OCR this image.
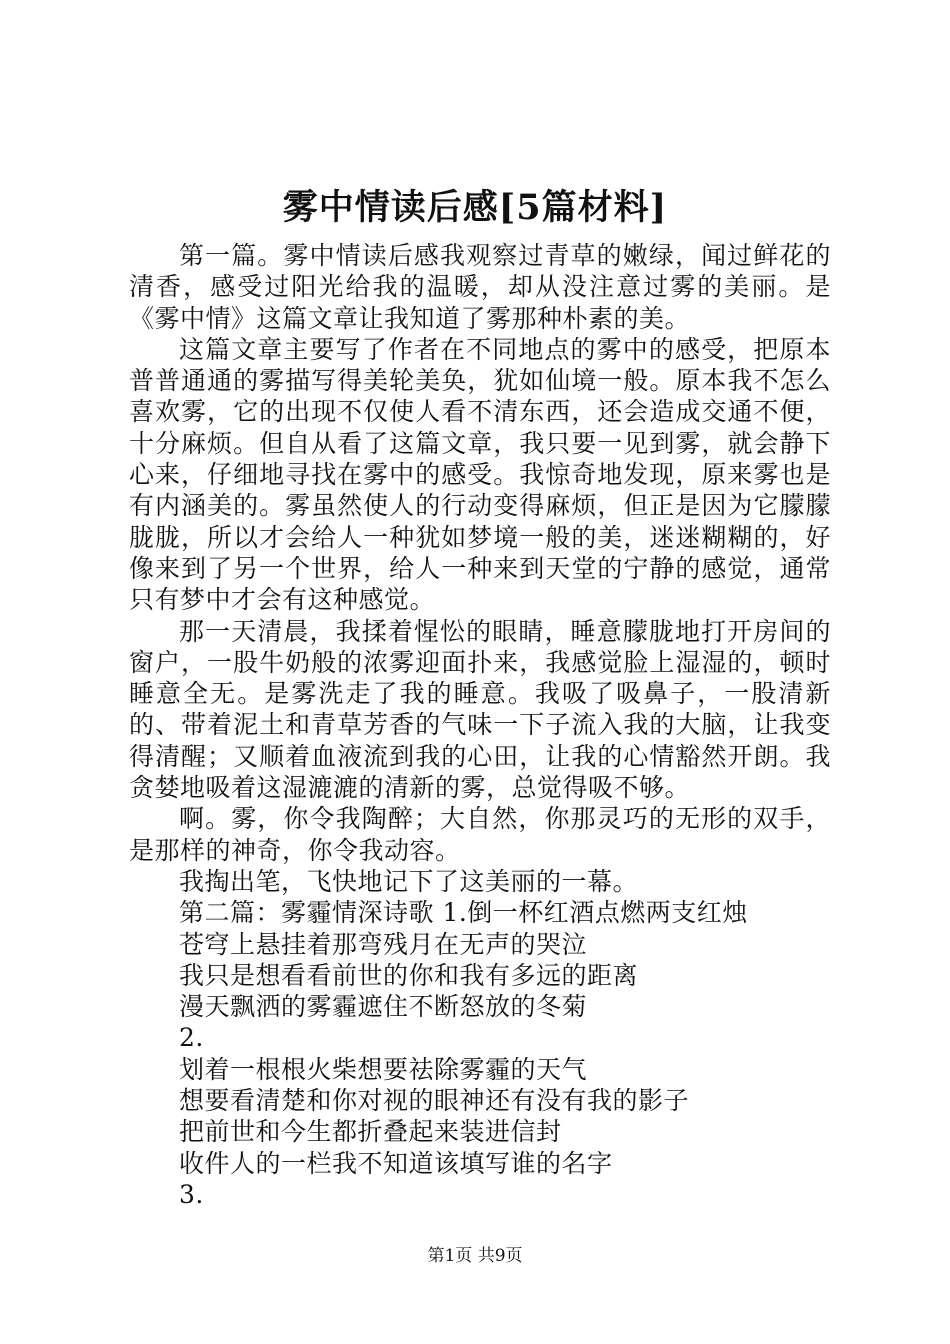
雾中情读后感[5篇材料]

第一篇。雾中情读后感我观察过青草的嫩绿，闻过鲜花的清香，感受过阳光给我的温暖，却从没注意过雾的美丽。是《雾中情》这篇文章让我知道了雾那种朴素的美。

这篇文章主要写了作者在不同地点的雾中的感受，把原本普普通通的雾描写得美轮美奂，犹如仙境一般。原本我不怎么喜欢雾，它的出现不仅使人看不清东西，还会造成交通不便，十分麻烦。但自从看了这篇文章，我只要一见到雾，就会静下心来，仔细地寻找在雾中的感受。我惊奇地发现，原来雾也是有内涵美的。雾虽然使人的行动变得麻烦，但正是因为它朦朦胧胧，所以才会给人一种犹如梦境一般的美，迷迷糊糊的，好像来到了另一个世界，给人一种来到天堂的宁静的感觉，通常只有梦中才会有这种感觉。

那一天清晨，我揉着惺忪的眼睛，睡意朦胧地打开房间的窗户，一股牛奶般的浓雾迎面扑来，我感觉脸上湿湿的，顿时睡意全无。是雾洗走了我的睡意。我吸了吸鼻子，一股清新的、带着泥土和青草芳香的气味一下子流入我的大脑，让我变得清醒；又顺着血液流到我的心田，让我的心情豁然开朗。我贪婪地吸着这湿漉漉的清新的雾，总觉得吸不够。

啊。雾，你令我陶醉；大自然，你那灵巧的无形的双手，是那样的神奇，你令我动容。

我掏出笔，飞快地记下了这美丽的一幕。

第二篇：雾霾情深诗歌 1.倒一杯红酒点燃两支红烛

苍穹上悬挂着那弯残月在无声的哭泣

我只是想看看前世的你和我有多远的距离

漫天飘洒的雾霾遮住不断怒放的冬菊

2.

划着一根根火柴想要祛除雾霾的天气

想要看清楚和你对视的眼神还有没有我的影子

把前世和今生都折叠起来装进信封

收件人的一栏我不知道该填写谁的名字

3.

第1页 共9页
